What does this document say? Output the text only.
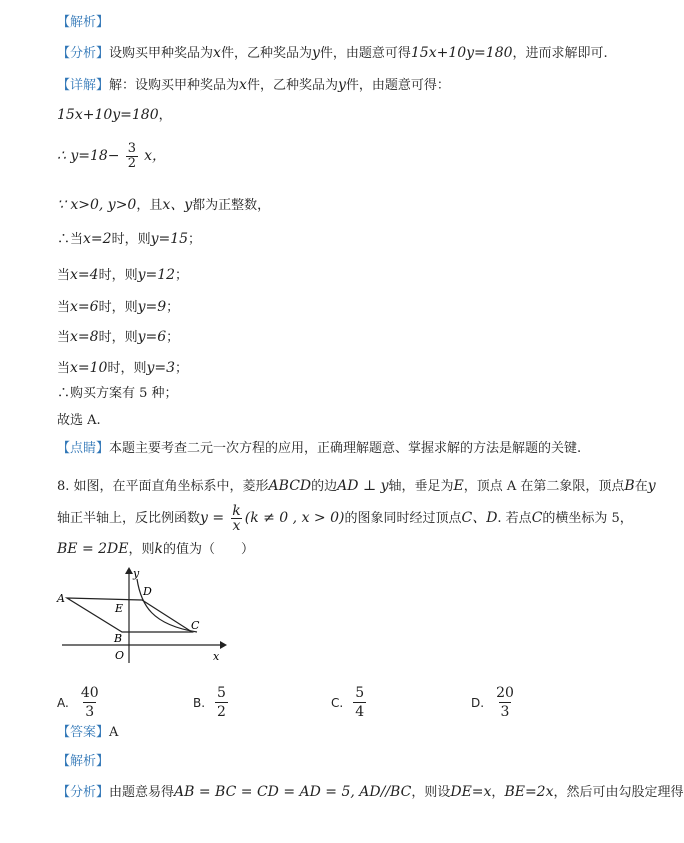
【解析】
【分析】设购买甲种奖品为x件，乙种奖品为y件，由题意可得15x+10y=180，进而求解即可.
【详解】解：设购买甲种奖品为x件，乙种奖品为y件，由题意可得：
15x+10y=180，
∴ $y=18- \frac{3}{2}$ x，
∵ x>0, y>0，且x、y都为正整数，
∴当x=2时，则y=15；
当x=4时，则y=12；
当x=6时，则y=9；
当x=8时，则y=6；
当x=10时，则y=3；
∴购买方案有 5 种；
故选 A.
【点睛】本题主要考查二元一次方程的应用，正确理解题意、掌握求解的方法是解题的关键.
8. 如图，在平面直角坐标系中，菱形ABCD的边AD ⊥ y轴，垂足为E，顶点 A 在第二象限，顶点B在y
轴正半轴上，反比例函数$y = \frac{k}{x} (k \ne 0$ , x > 0)的图象同时经过顶点C、D. 若点C的横坐标为 5，
BE = 2DE，则k的值为（　　）
y
x
A
D
E
C
B
O
A. $\frac{40}{3}$	B. $\frac{5}{2}$	C. $\frac{5}{4}$	D. $\frac{20}{3}$
【答案】A
【解析】
【分析】由题意易得AB = BC = CD = AD = 5, AD//BC，则设DE=x，BE=2x，然后可由勾股定理得
